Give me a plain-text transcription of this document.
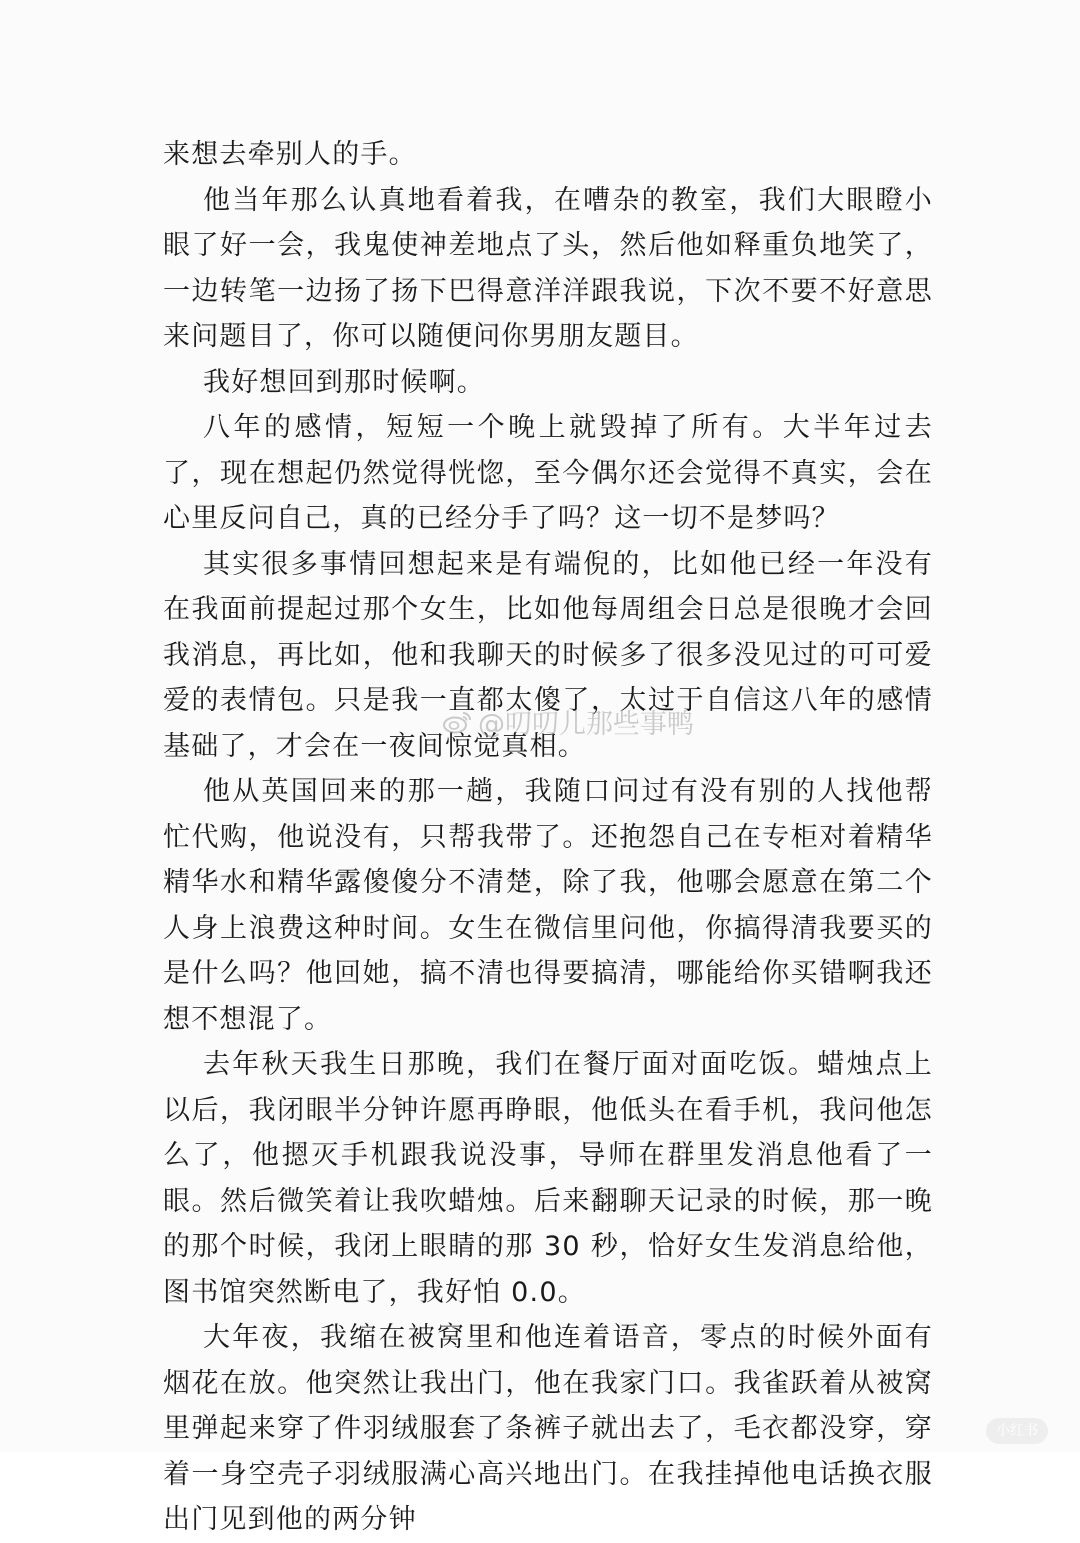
来想去牵别人的手。

他当年那么认真地看着我，在嘈杂的教室，我们大眼瞪小眼了好一会，我鬼使神差地点了头，然后他如释重负地笑了，一边转笔一边扬了扬下巴得意洋洋跟我说，下次不要不好意思来问题目了，你可以随便问你男朋友题目。

我好想回到那时候啊。

八年的感情，短短一个晚上就毁掉了所有。大半年过去了，现在想起仍然觉得恍惚，至今偶尔还会觉得不真实，会在心里反问自己，真的已经分手了吗？这一切不是梦吗？

其实很多事情回想起来是有端倪的，比如他已经一年没有在我面前提起过那个女生，比如他每周组会日总是很晚才会回我消息，再比如，他和我聊天的时候多了很多没见过的可可爱爱的表情包。只是我一直都太傻了，太过于自信这八年的感情基础了，才会在一夜间惊觉真相。

他从英国回来的那一趟，我随口问过有没有别的人找他帮忙代购，他说没有，只帮我带了。还抱怨自己在专柜对着精华精华水和精华露傻傻分不清楚，除了我，他哪会愿意在第二个人身上浪费这种时间。女生在微信里问他，你搞得清我要买的是什么吗？他回她，搞不清也得要搞清，哪能给你买错啊我还想不想混了。

去年秋天我生日那晚，我们在餐厅面对面吃饭。蜡烛点上以后，我闭眼半分钟许愿再睁眼，他低头在看手机，我问他怎么了，他摁灭手机跟我说没事，导师在群里发消息他看了一眼。然后微笑着让我吹蜡烛。后来翻聊天记录的时候，那一晚的那个时候，我闭上眼睛的那 30 秒，恰好女生发消息给他，图书馆突然断电了，我好怕 0.0。

大年夜，我缩在被窝里和他连着语音，零点的时候外面有烟花在放。他突然让我出门，他在我家门口。我雀跃着从被窝里弹起来穿了件羽绒服套了条裤子就出去了，毛衣都没穿，穿着一身空壳子羽绒服满心高兴地出门。在我挂掉他电话换衣服出门见到他的两分钟

@叨叨儿那些事鸭
小红书
